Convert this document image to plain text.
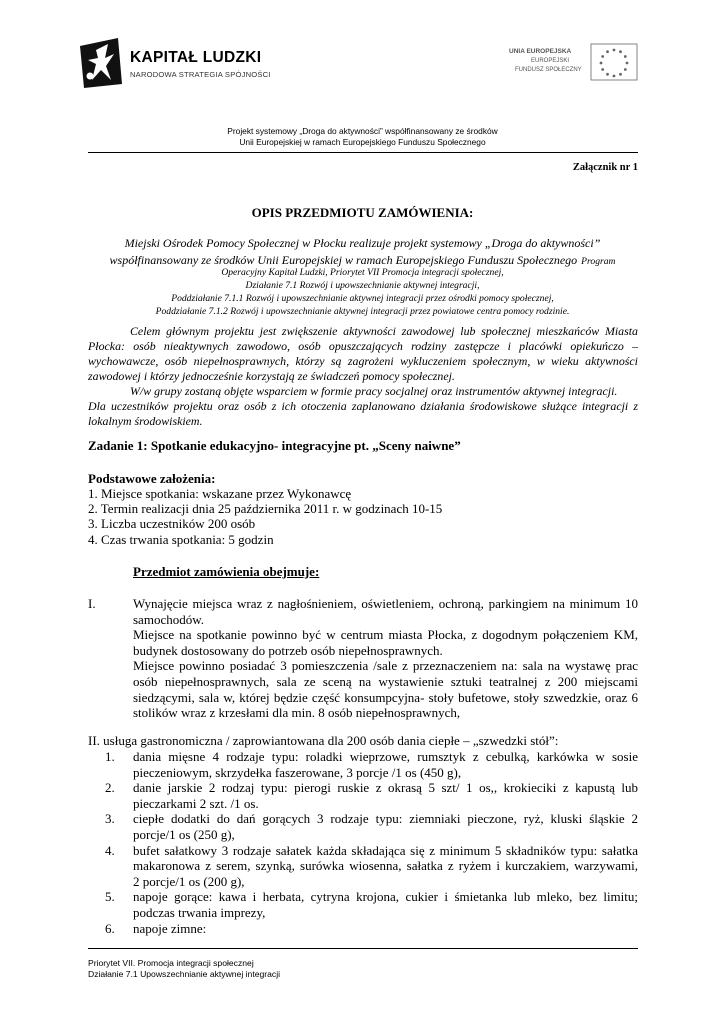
KAPITAŁ LUDZKI
NARODOWA STRATEGIA SPÓJNOŚCI
UNIA EUROPEJSKA
EUROPEJSKI
FUNDUSZ SPOŁECZNY
Projekt systemowy „Droga do aktywności” współfinansowany ze środków
Unii Europejskiej w ramach Europejskiego Funduszu Społecznego
Załącznik nr 1
OPIS PRZEDMIOTU ZAMÓWIENIA:
Miejski Ośrodek Pomocy Społecznej w Płocku realizuje projekt systemowy „Droga do aktywności”
współfinansowany ze środków Unii Europejskiej w ramach Europejskiego Funduszu Społecznego Program
Operacyjny Kapitał Ludzki, Priorytet VII Promocja integracji społecznej,
Działanie 7.1 Rozwój i upowszechnianie aktywnej integracji,
Poddziałanie 7.1.1 Rozwój i upowszechnianie aktywnej integracji przez ośrodki pomocy społecznej,
Poddziałanie 7.1.2 Rozwój i upowszechnianie aktywnej integracji przez powiatowe centra pomocy rodzinie.
Celem głównym projektu jest zwiększenie aktywności zawodowej lub społecznej mieszkańców Miasta
Płocka: osób nieaktywnych zawodowo, osób opuszczających rodziny zastępcze i placówki opiekuńczo –
wychowawcze, osób niepełnosprawnych, którzy są zagrożeni wykluczeniem społecznym, w wieku aktywności
zawodowej i którzy jednocześnie korzystają ze świadczeń pomocy społecznej.
W/w grupy zostaną objęte wsparciem w formie pracy socjalnej oraz instrumentów aktywnej integracji.
Dla uczestników projektu oraz osób z ich otoczenia zaplanowano działania środowiskowe służące integracji z
lokalnym środowiskiem.
Zadanie 1: Spotkanie edukacyjno- integracyjne pt. „Sceny naiwne”
Podstawowe założenia:
1. Miejsce spotkania: wskazane przez Wykonawcę
2. Termin realizacji dnia 25 października 2011 r. w godzinach 10-15
3. Liczba uczestników 200 osób
4. Czas trwania spotkania: 5 godzin
Przedmiot zamówienia obejmuje:
I.	Wynajęcie miejsca wraz z nagłośnieniem, oświetleniem, ochroną, parkingiem na minimum 10
samochodów.
Miejsce na spotkanie powinno być w centrum miasta Płocka, z dogodnym połączeniem KM,
budynek dostosowany do potrzeb osób niepełnosprawnych.
Miejsce powinno posiadać 3 pomieszczenia /sale z przeznaczeniem na: sala na wystawę prac
osób niepełnosprawnych, sala ze sceną na wystawienie sztuki teatralnej z 200 miejscami
siedzącymi, sala w, której będzie część konsumpcyjna- stoły bufetowe, stoły szwedzkie, oraz 6
stolików wraz z krzesłami dla min. 8 osób niepełnosprawnych,
II. usługa gastronomiczna / zaprowiantowana dla 200 osób dania ciepłe – „szwedzki stół”:
1.	dania mięsne 4 rodzaje typu: roladki wieprzowe, rumsztyk z cebulką, karkówka w sosie
pieczeniowym, skrzydełka faszerowane, 3 porcje /1 os (450 g),
2.	danie jarskie 2 rodzaj typu: pierogi ruskie z okrasą 5 szt/ 1 os,, krokieciki z kapustą lub
pieczarkami 2 szt. /1 os.
3.	ciepłe dodatki do dań gorących 3 rodzaje typu: ziemniaki pieczone, ryż, kluski śląskie 2
porcje/1 os (250 g),
4.	bufet sałatkowy 3 rodzaje sałatek każda składająca się z minimum 5 składników typu: sałatka
makaronowa z serem, szynką, surówka wiosenna, sałatka z ryżem i kurczakiem, warzywami,
2 porcje/1 os (200 g),
5.	napoje gorące: kawa i herbata, cytryna krojona, cukier i śmietanka lub mleko, bez limitu;
podczas trwania imprezy,
6.	napoje zimne:
Priorytet VII. Promocja integracji społecznej
Działanie 7.1 Upowszechnianie aktywnej integracji
